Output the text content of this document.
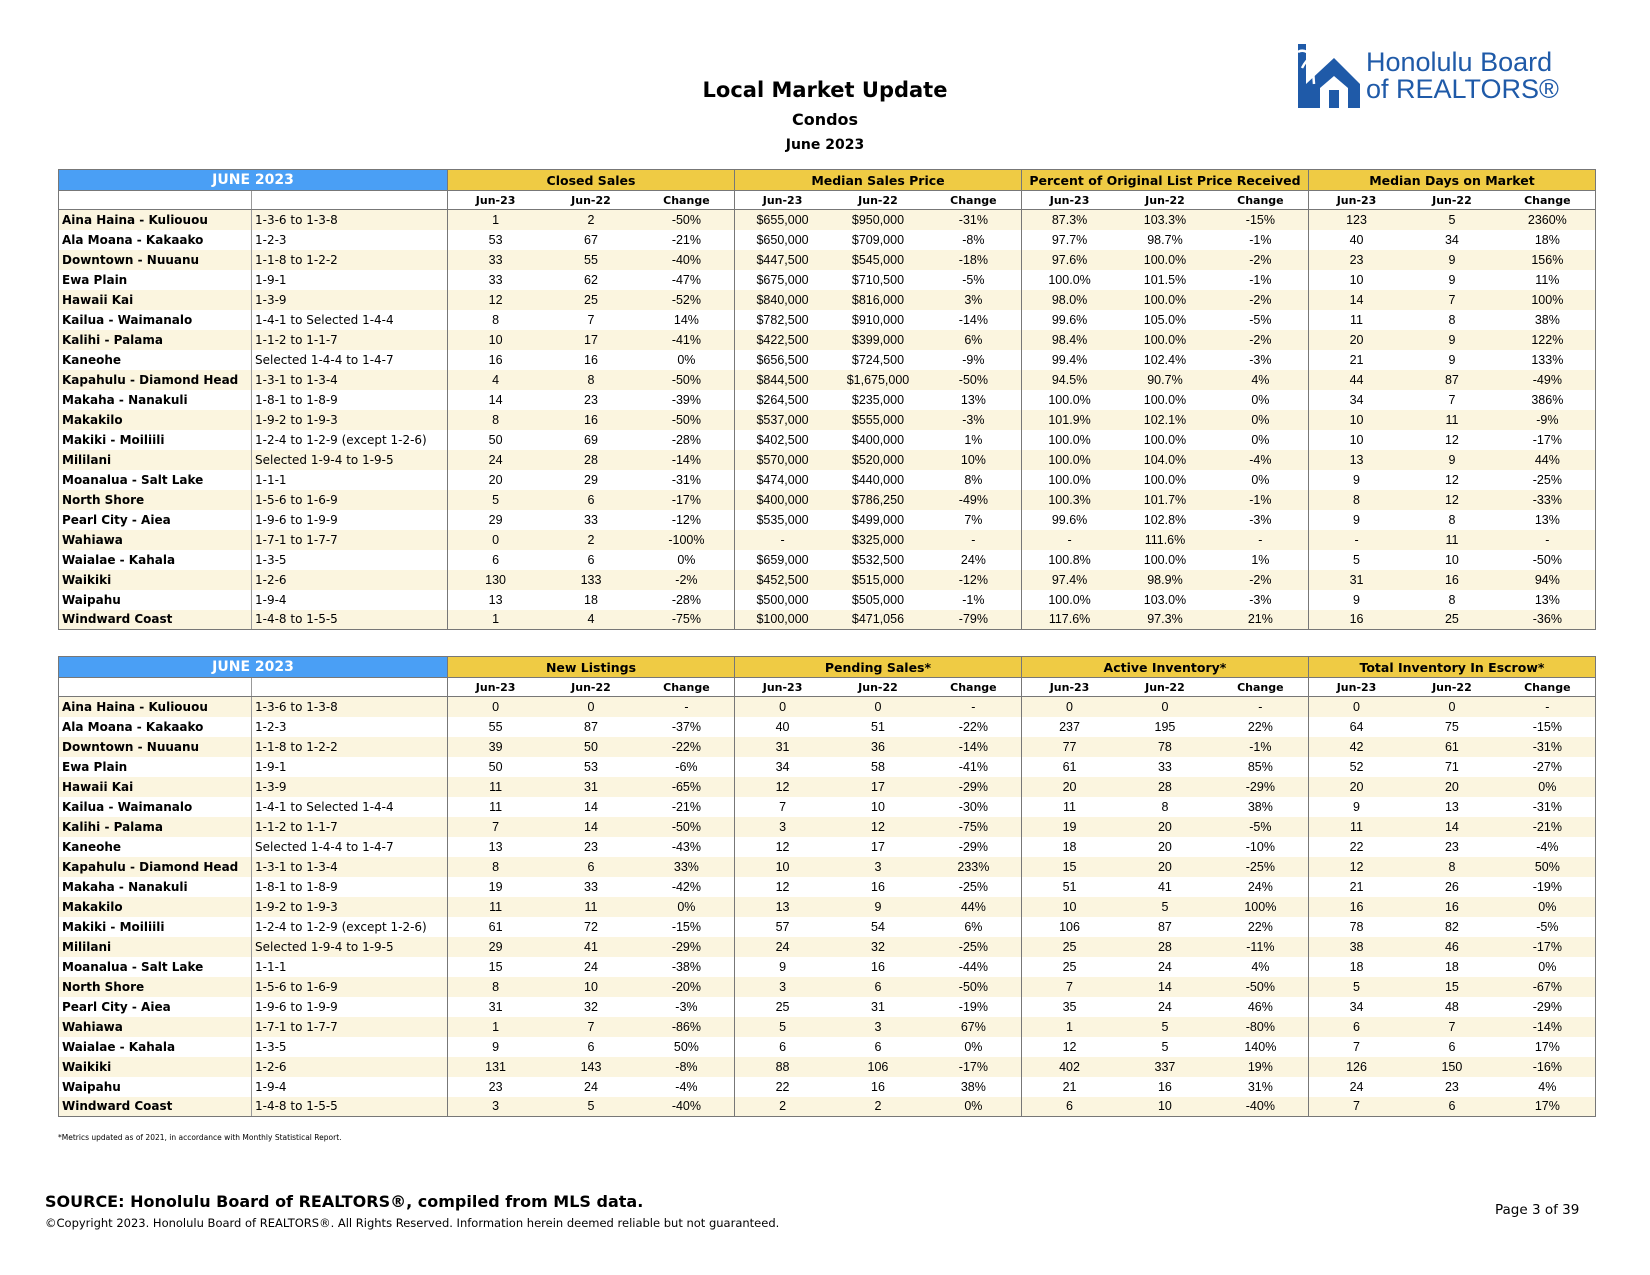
Local Market Update
Condos
June 2023
Honolulu Board
of REALTORS®
JUNE 2023		Closed Sales			Median Sales Price			Percent of Original List Price Received			Median Days on Market		
		Jun-23	Jun-22	Change	Jun-23	Jun-22	Change	Jun-23	Jun-22	Change	Jun-23	Jun-22	Change
Aina Haina - Kuliouou	1-3-6 to 1-3-8	1	2	-50%	$655,000	$950,000	-31%	87.3%	103.3%	-15%	123	5	2360%
Ala Moana - Kakaako	1-2-3	53	67	-21%	$650,000	$709,000	-8%	97.7%	98.7%	-1%	40	34	18%
Downtown - Nuuanu	1-1-8 to 1-2-2	33	55	-40%	$447,500	$545,000	-18%	97.6%	100.0%	-2%	23	9	156%
Ewa Plain	1-9-1	33	62	-47%	$675,000	$710,500	-5%	100.0%	101.5%	-1%	10	9	11%
Hawaii Kai	1-3-9	12	25	-52%	$840,000	$816,000	3%	98.0%	100.0%	-2%	14	7	100%
Kailua - Waimanalo	1-4-1 to Selected 1-4-4	8	7	14%	$782,500	$910,000	-14%	99.6%	105.0%	-5%	11	8	38%
Kalihi - Palama	1-1-2 to 1-1-7	10	17	-41%	$422,500	$399,000	6%	98.4%	100.0%	-2%	20	9	122%
Kaneohe	Selected 1-4-4 to 1-4-7	16	16	0%	$656,500	$724,500	-9%	99.4%	102.4%	-3%	21	9	133%
Kapahulu - Diamond Head	1-3-1 to 1-3-4	4	8	-50%	$844,500	$1,675,000	-50%	94.5%	90.7%	4%	44	87	-49%
Makaha - Nanakuli	1-8-1 to 1-8-9	14	23	-39%	$264,500	$235,000	13%	100.0%	100.0%	0%	34	7	386%
Makakilo	1-9-2 to 1-9-3	8	16	-50%	$537,000	$555,000	-3%	101.9%	102.1%	0%	10	11	-9%
Makiki - Moiliili	1-2-4 to 1-2-9 (except 1-2-6)	50	69	-28%	$402,500	$400,000	1%	100.0%	100.0%	0%	10	12	-17%
Mililani	Selected 1-9-4 to 1-9-5	24	28	-14%	$570,000	$520,000	10%	100.0%	104.0%	-4%	13	9	44%
Moanalua - Salt Lake	1-1-1	20	29	-31%	$474,000	$440,000	8%	100.0%	100.0%	0%	9	12	-25%
North Shore	1-5-6 to 1-6-9	5	6	-17%	$400,000	$786,250	-49%	100.3%	101.7%	-1%	8	12	-33%
Pearl City - Aiea	1-9-6 to 1-9-9	29	33	-12%	$535,000	$499,000	7%	99.6%	102.8%	-3%	9	8	13%
Wahiawa	1-7-1 to 1-7-7	0	2	-100%	-	$325,000	-	-	111.6%	-	-	11	-
Waialae - Kahala	1-3-5	6	6	0%	$659,000	$532,500	24%	100.8%	100.0%	1%	5	10	-50%
Waikiki	1-2-6	130	133	-2%	$452,500	$515,000	-12%	97.4%	98.9%	-2%	31	16	94%
Waipahu	1-9-4	13	18	-28%	$500,000	$505,000	-1%	100.0%	103.0%	-3%	9	8	13%
Windward Coast	1-4-8 to 1-5-5	1	4	-75%	$100,000	$471,056	-79%	117.6%	97.3%	21%	16	25	-36%
JUNE 2023		New Listings			Pending Sales*			Active Inventory*			Total Inventory In Escrow*		
		Jun-23	Jun-22	Change	Jun-23	Jun-22	Change	Jun-23	Jun-22	Change	Jun-23	Jun-22	Change
Aina Haina - Kuliouou	1-3-6 to 1-3-8	0	0	-	0	0	-	0	0	-	0	0	-
Ala Moana - Kakaako	1-2-3	55	87	-37%	40	51	-22%	237	195	22%	64	75	-15%
Downtown - Nuuanu	1-1-8 to 1-2-2	39	50	-22%	31	36	-14%	77	78	-1%	42	61	-31%
Ewa Plain	1-9-1	50	53	-6%	34	58	-41%	61	33	85%	52	71	-27%
Hawaii Kai	1-3-9	11	31	-65%	12	17	-29%	20	28	-29%	20	20	0%
Kailua - Waimanalo	1-4-1 to Selected 1-4-4	11	14	-21%	7	10	-30%	11	8	38%	9	13	-31%
Kalihi - Palama	1-1-2 to 1-1-7	7	14	-50%	3	12	-75%	19	20	-5%	11	14	-21%
Kaneohe	Selected 1-4-4 to 1-4-7	13	23	-43%	12	17	-29%	18	20	-10%	22	23	-4%
Kapahulu - Diamond Head	1-3-1 to 1-3-4	8	6	33%	10	3	233%	15	20	-25%	12	8	50%
Makaha - Nanakuli	1-8-1 to 1-8-9	19	33	-42%	12	16	-25%	51	41	24%	21	26	-19%
Makakilo	1-9-2 to 1-9-3	11	11	0%	13	9	44%	10	5	100%	16	16	0%
Makiki - Moiliili	1-2-4 to 1-2-9 (except 1-2-6)	61	72	-15%	57	54	6%	106	87	22%	78	82	-5%
Mililani	Selected 1-9-4 to 1-9-5	29	41	-29%	24	32	-25%	25	28	-11%	38	46	-17%
Moanalua - Salt Lake	1-1-1	15	24	-38%	9	16	-44%	25	24	4%	18	18	0%
North Shore	1-5-6 to 1-6-9	8	10	-20%	3	6	-50%	7	14	-50%	5	15	-67%
Pearl City - Aiea	1-9-6 to 1-9-9	31	32	-3%	25	31	-19%	35	24	46%	34	48	-29%
Wahiawa	1-7-1 to 1-7-7	1	7	-86%	5	3	67%	1	5	-80%	6	7	-14%
Waialae - Kahala	1-3-5	9	6	50%	6	6	0%	12	5	140%	7	6	17%
Waikiki	1-2-6	131	143	-8%	88	106	-17%	402	337	19%	126	150	-16%
Waipahu	1-9-4	23	24	-4%	22	16	38%	21	16	31%	24	23	4%
Windward Coast	1-4-8 to 1-5-5	3	5	-40%	2	2	0%	6	10	-40%	7	6	17%
*Metrics updated as of 2021, in accordance with Monthly Statistical Report.
SOURCE: Honolulu Board of REALTORS®, compiled from MLS data.
©Copyright 2023. Honolulu Board of REALTORS®. All Rights Reserved. Information herein deemed reliable but not guaranteed.
Page 3 of 39
